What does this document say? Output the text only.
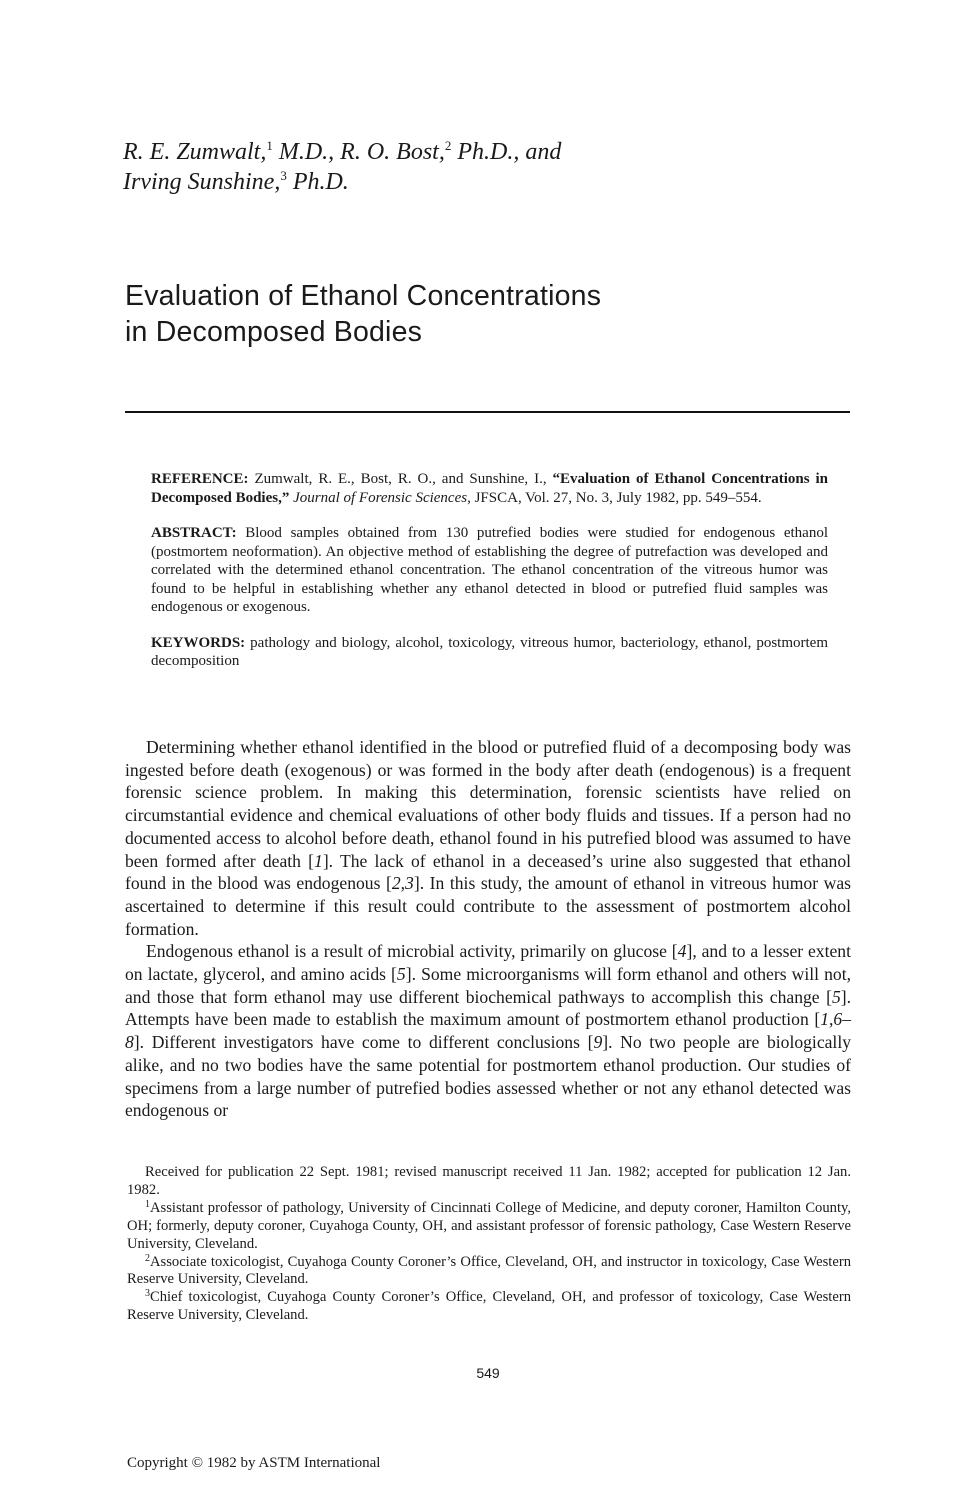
R. E. Zumwalt,$^1$ M.D., R. O. Bost,$^2$ Ph.D., and
Irving Sunshine,$^3$ Ph.D.
Evaluation of Ethanol Concentrations
in Decomposed Bodies

REFERENCE: Zumwalt, R. E., Bost, R. O., and Sunshine, I., “Evaluation of Ethanol Concentrations in Decomposed Bodies,” Journal of Forensic Sciences, JFSCA, Vol. 27, No. 3, July 1982, pp. 549–554.

ABSTRACT: Blood samples obtained from 130 putrefied bodies were studied for endogenous ethanol (postmortem neoformation). An objective method of establishing the degree of putrefaction was developed and correlated with the determined ethanol concentration. The ethanol concentration of the vitreous humor was found to be helpful in establishing whether any ethanol detected in blood or putrefied fluid samples was endogenous or exogenous.

KEYWORDS: pathology and biology, alcohol, toxicology, vitreous humor, bacteriology, ethanol, postmortem decomposition

Determining whether ethanol identified in the blood or putrefied fluid of a decomposing body was ingested before death (exogenous) or was formed in the body after death (endogenous) is a frequent forensic science problem. In making this determination, forensic scientists have relied on circumstantial evidence and chemical evaluations of other body fluids and tissues. If a person had no documented access to alcohol before death, ethanol found in his putrefied blood was assumed to have been formed after death [1]. The lack of ethanol in a deceased’s urine also suggested that ethanol found in the blood was endogenous [2,3]. In this study, the amount of ethanol in vitreous humor was ascertained to determine if this result could contribute to the assessment of postmortem alcohol formation.

Endogenous ethanol is a result of microbial activity, primarily on glucose [4], and to a lesser extent on lactate, glycerol, and amino acids [5]. Some microorganisms will form ethanol and others will not, and those that form ethanol may use different biochemical pathways to accomplish this change [5]. Attempts have been made to establish the maximum amount of postmortem ethanol production [1,6–8]. Different investigators have come to different conclusions [9]. No two people are biologically alike, and no two bodies have the same potential for postmortem ethanol production. Our studies of specimens from a large number of putrefied bodies assessed whether or not any ethanol detected was endogenous or

Received for publication 22 Sept. 1981; revised manuscript received 11 Jan. 1982; accepted for publication 12 Jan. 1982.

$^1$Assistant professor of pathology, University of Cincinnati College of Medicine, and deputy coroner, Hamilton County, OH; formerly, deputy coroner, Cuyahoga County, OH, and assistant professor of forensic pathology, Case Western Reserve University, Cleveland.

$^2$Associate toxicologist, Cuyahoga County Coroner’s Office, Cleveland, OH, and instructor in toxicology, Case Western Reserve University, Cleveland.

$^3$Chief toxicologist, Cuyahoga County Coroner’s Office, Cleveland, OH, and professor of toxicology, Case Western Reserve University, Cleveland.

549
Copyright © 1982 by ASTM International
